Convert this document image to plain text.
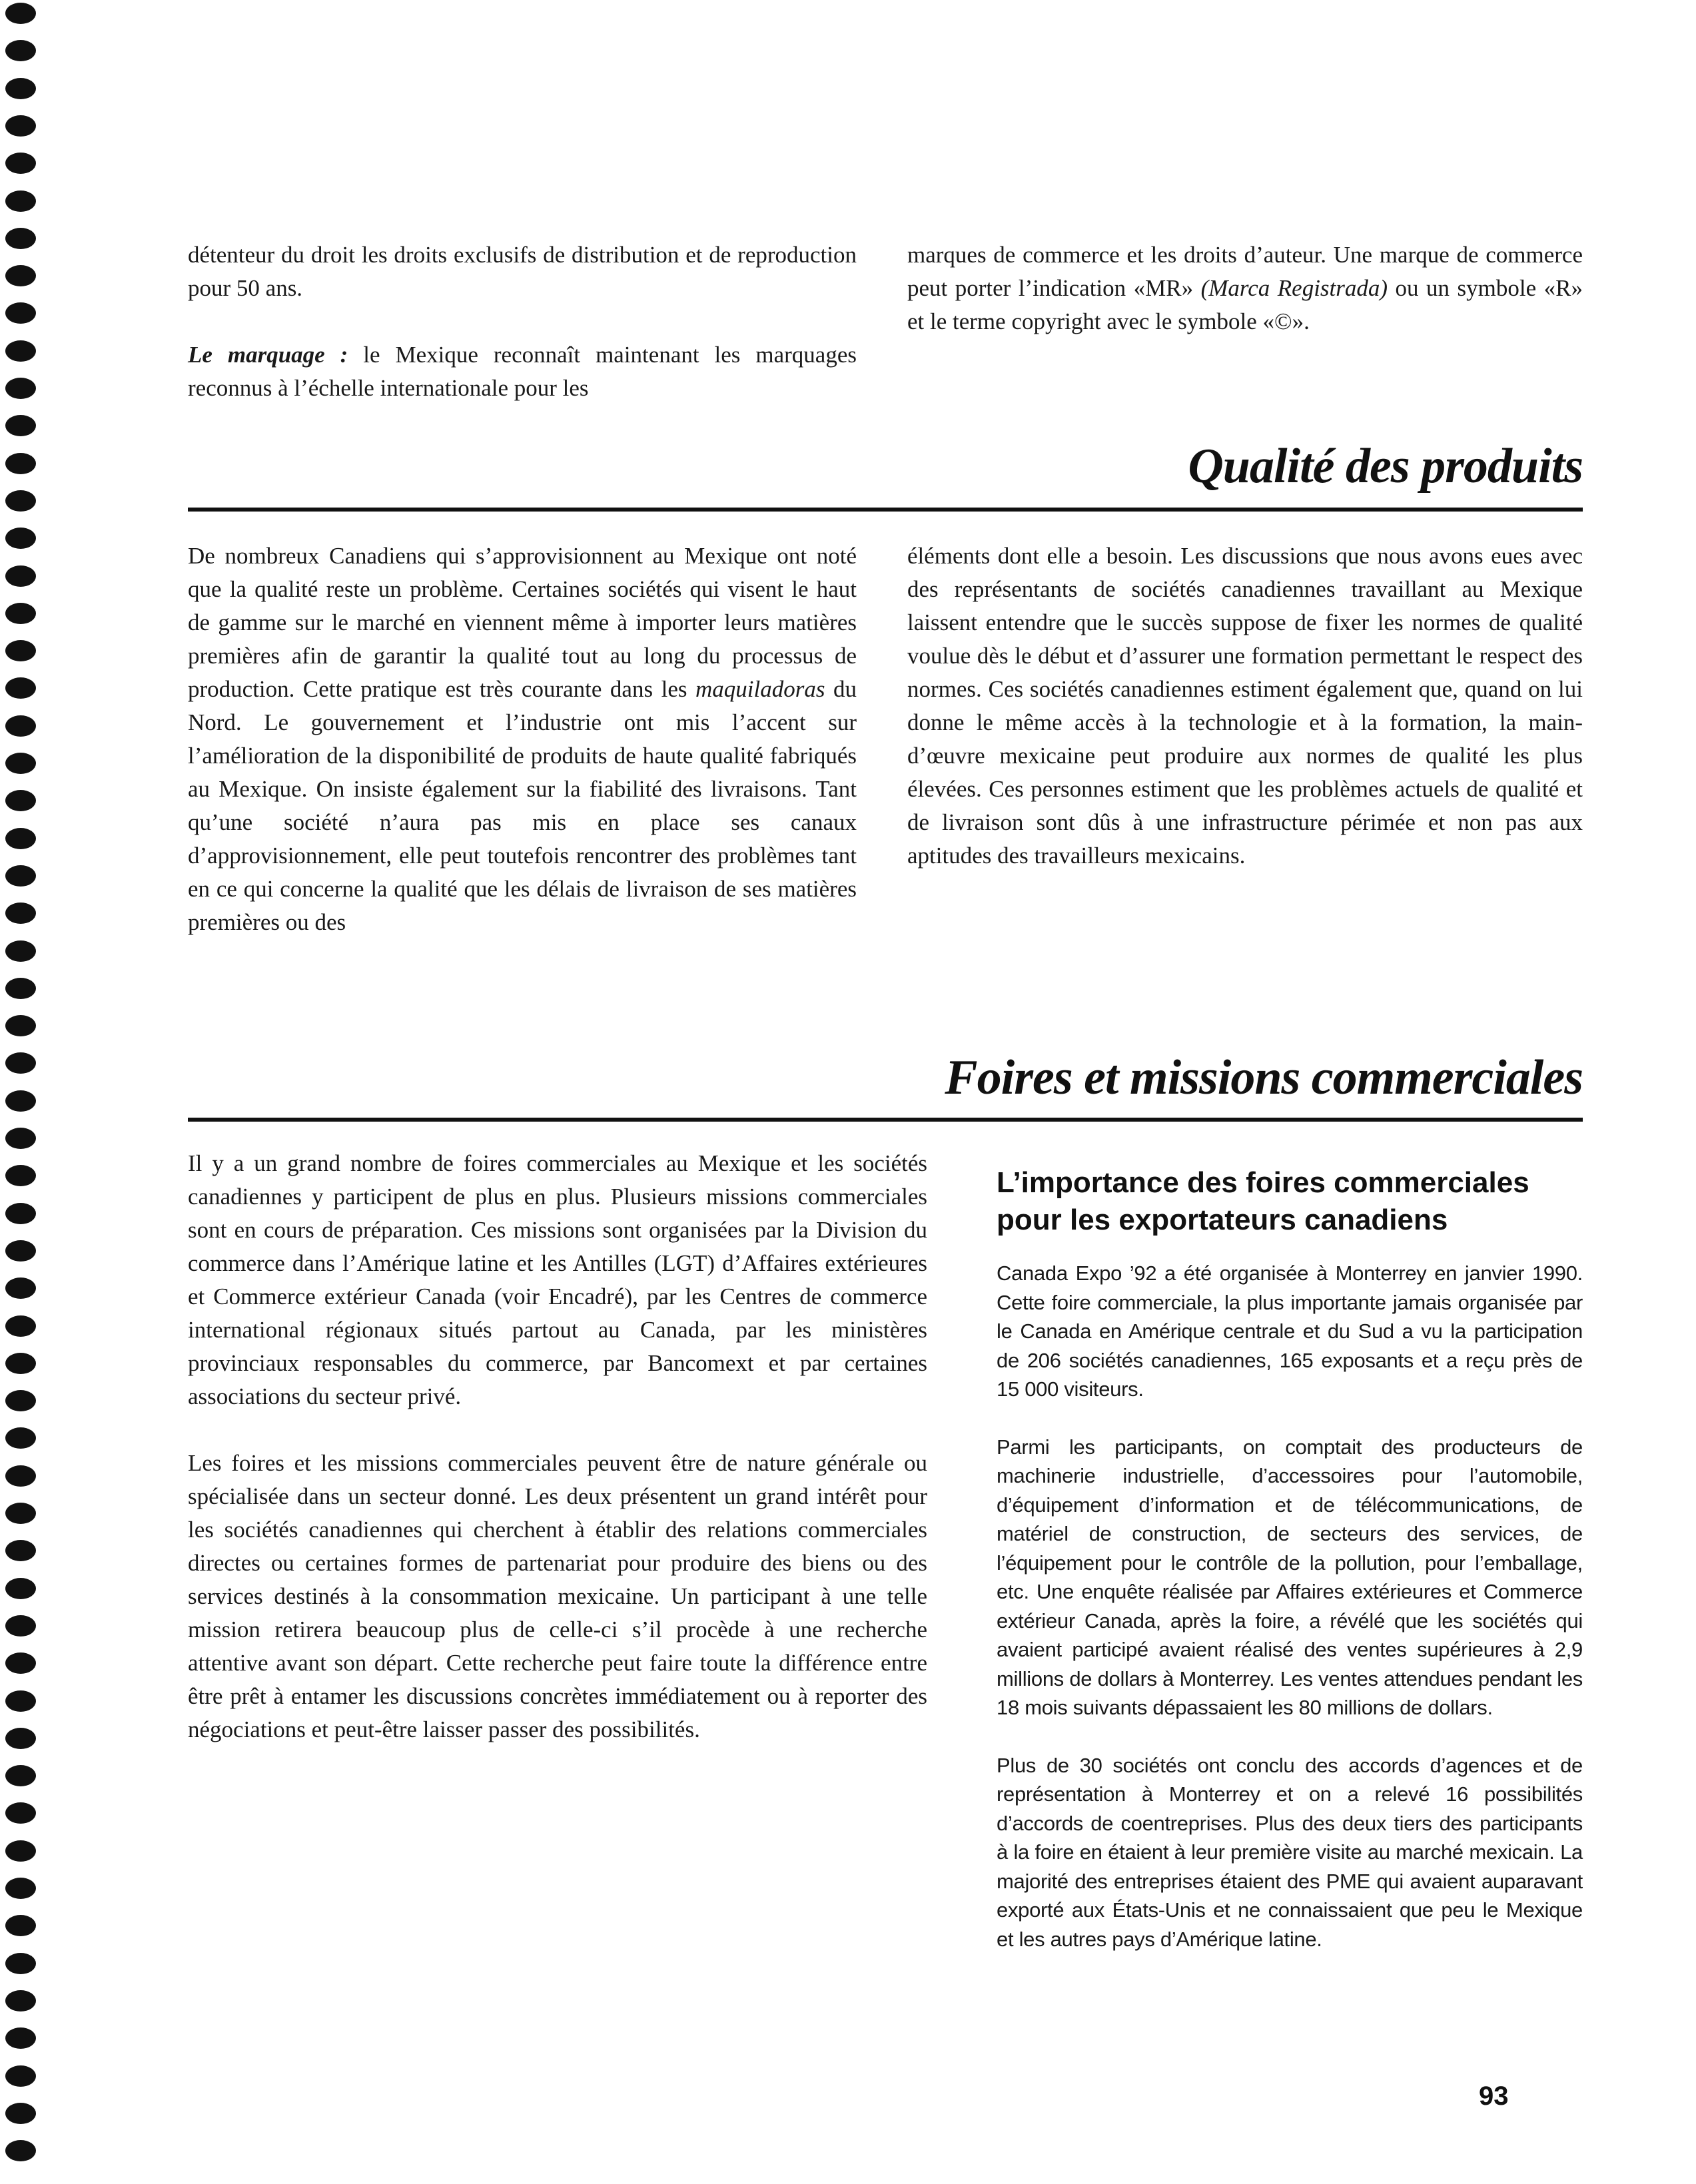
détenteur du droit les droits exclusifs de distribution et de reproduction pour 50 ans.

Le marquage : le Mexique reconnaît maintenant les marquages reconnus à l’échelle internationale pour les

marques de commerce et les droits d’auteur. Une marque de commerce peut porter l’indication «MR» (Marca Registrada) ou un symbole «R» et le terme copyright avec le symbole «©».

Qualité des produits

De nombreux Canadiens qui s’approvisionnent au Mexique ont noté que la qualité reste un problème. Certaines sociétés qui visent le haut de gamme sur le marché en viennent même à importer leurs matières premières afin de garantir la qualité tout au long du processus de production. Cette pratique est très courante dans les maquiladoras du Nord. Le gouvernement et l’industrie ont mis l’accent sur l’amélioration de la disponibilité de produits de haute qualité fabriqués au Mexique. On insiste également sur la fiabilité des livraisons. Tant qu’une société n’aura pas mis en place ses canaux d’approvisionnement, elle peut toutefois rencontrer des problèmes tant en ce qui concerne la qualité que les délais de livraison de ses matières premières ou des

éléments dont elle a besoin. Les discussions que nous avons eues avec des représentants de sociétés canadiennes travaillant au Mexique laissent entendre que le succès suppose de fixer les normes de qualité voulue dès le début et d’assurer une formation permettant le respect des normes. Ces sociétés canadiennes estiment également que, quand on lui donne le même accès à la technologie et à la formation, la main-d’œuvre mexicaine peut produire aux normes de qualité les plus élevées. Ces personnes estiment que les problèmes actuels de qualité et de livraison sont dûs à une infrastructure périmée et non pas aux aptitudes des travailleurs mexicains.

Foires et missions commerciales

Il y a un grand nombre de foires commerciales au Mexique et les sociétés canadiennes y participent de plus en plus. Plusieurs missions commerciales sont en cours de préparation. Ces missions sont organisées par la Division du commerce dans l’Amérique latine et les Antilles (LGT) d’Affaires extérieures et Commerce extérieur Canada (voir Encadré), par les Centres de commerce international régionaux situés partout au Canada, par les ministères provinciaux responsables du commerce, par Bancomext et par certaines associations du secteur privé.

Les foires et les missions commerciales peuvent être de nature générale ou spécialisée dans un secteur donné. Les deux présentent un grand intérêt pour les sociétés canadiennes qui cherchent à établir des relations commerciales directes ou certaines formes de partenariat pour produire des biens ou des services destinés à la consommation mexicaine. Un participant à une telle mission retirera beaucoup plus de celle-ci s’il procède à une recherche attentive avant son départ. Cette recherche peut faire toute la différence entre être prêt à entamer les discussions concrètes immédiatement ou à reporter des négociations et peut-être laisser passer des possibilités.

L’importance des foires commerciales pour les exportateurs canadiens

Canada Expo ’92 a été organisée à Monterrey en janvier 1990. Cette foire commerciale, la plus importante jamais organisée par le Canada en Amérique centrale et du Sud a vu la participation de 206 sociétés canadiennes, 165 exposants et a reçu près de 15 000 visiteurs.

Parmi les participants, on comptait des producteurs de machinerie industrielle, d’accessoires pour l’automobile, d’équipement d’information et de télécommunications, de matériel de construction, de secteurs des services, de l’équipement pour le contrôle de la pollution, pour l’emballage, etc. Une enquête réalisée par Affaires extérieures et Commerce extérieur Canada, après la foire, a révélé que les sociétés qui avaient participé avaient réalisé des ventes supérieures à 2,9 millions de dollars à Monterrey. Les ventes attendues pendant les 18 mois suivants dépassaient les 80 millions de dollars.

Plus de 30 sociétés ont conclu des accords d’agences et de représentation à Monterrey et on a relevé 16 possibilités d’accords de coentreprises. Plus des deux tiers des participants à la foire en étaient à leur première visite au marché mexicain. La majorité des entreprises étaient des PME qui avaient auparavant exporté aux États-Unis et ne connaissaient que peu le Mexique et les autres pays d’Amérique latine.

93
